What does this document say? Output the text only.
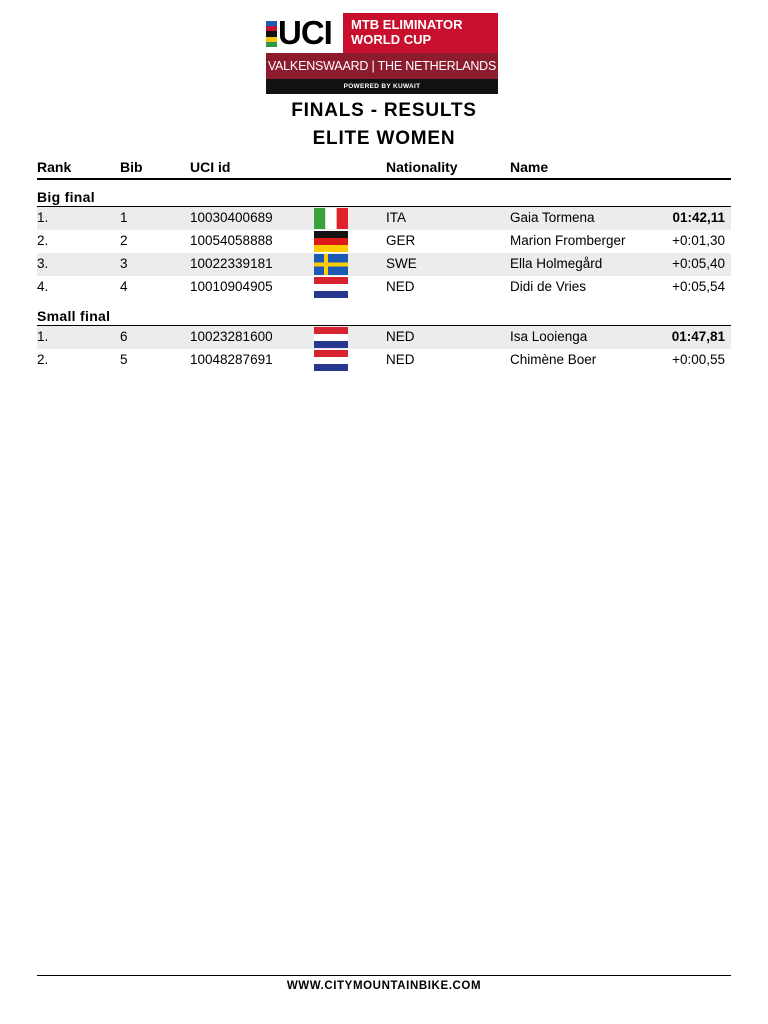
UCI MTB ELIMINATOR
WORLD CUP
VALKENSWAARD | THE NETHERLANDS
POWERED BY KUWAIT
FINALS - RESULTS
ELITE WOMEN
Rank	Bib	UCI id	Nationality	Name
Big final
1.	1	10030400689	ITA	Gaia Tormena	01:42,11
2.	2	10054058888	GER	Marion Fromberger	+0:01,30
3.	3	10022339181	SWE	Ella Holmegård	+0:05,40
4.	4	10010904905	NED	Didi de Vries	+0:05,54
Small final
1.	6	10023281600	NED	Isa Looienga	01:47,81
2.	5	10048287691	NED	Chimène Boer	+0:00,55
WWW.CITYMOUNTAINBIKE.COM
